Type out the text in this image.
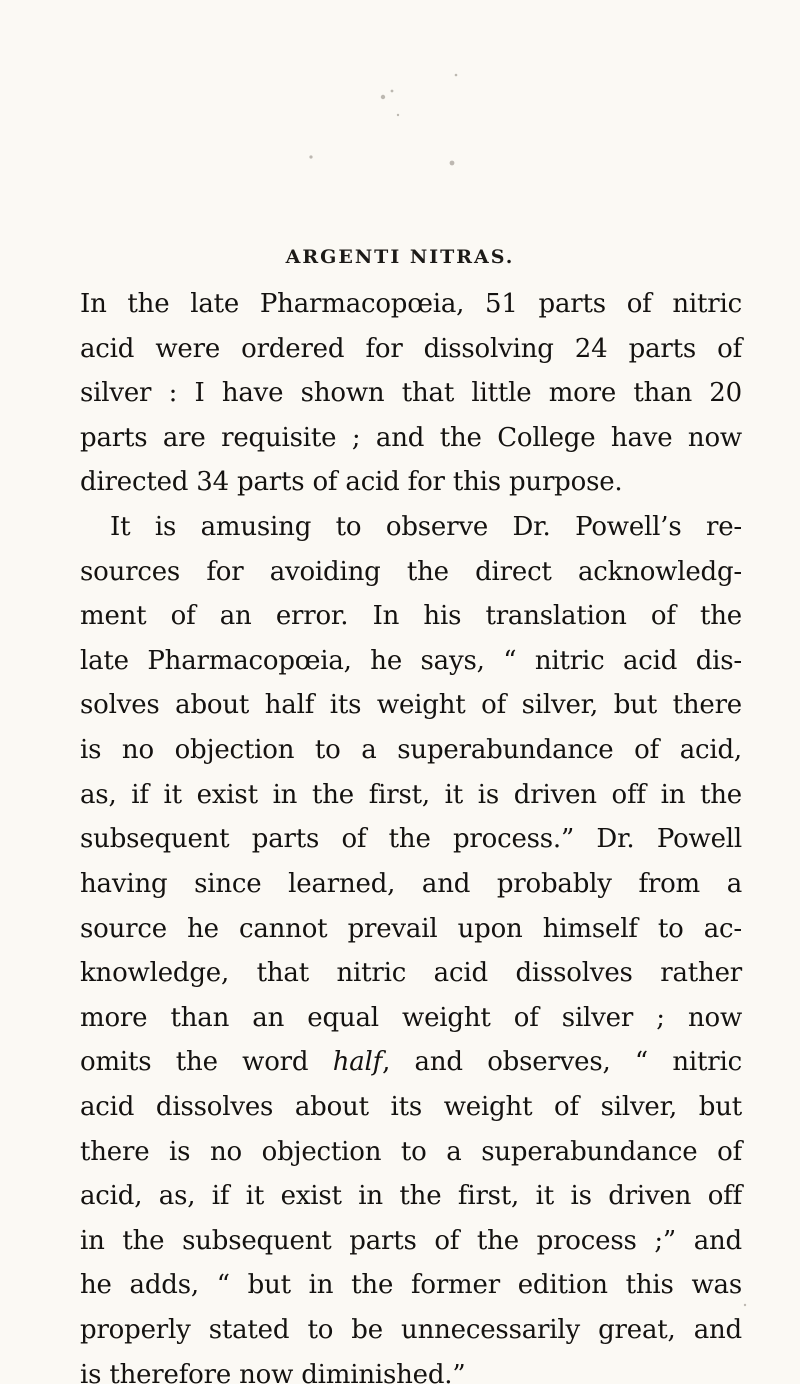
ARGENTI NITRAS.
In the late Pharmacopœia, 51 parts of nitric
acid were ordered for dissolving 24 parts of
silver : I have shown that little more than 20
parts are requisite ; and the College have now
directed 34 parts of acid for this purpose.
It is amusing to observe Dr. Powell’s re-
sources for avoiding the direct acknowledg-
ment of an error. In his translation of the
late Pharmacopœia, he says, “ nitric acid dis-
solves about half its weight of silver, but there
is no objection to a superabundance of acid,
as, if it exist in the first, it is driven off in the
subsequent parts of the process.” Dr. Powell
having since learned, and probably from a
source he cannot prevail upon himself to ac-
knowledge, that nitric acid dissolves rather
more than an equal weight of silver ; now
omits the word half, and observes, “ nitric
acid dissolves about its weight of silver, but
there is no objection to a superabundance of
acid, as, if it exist in the first, it is driven off
in the subsequent parts of the process ;” and
he adds, “ but in the former edition this was
properly stated to be unnecessarily great, and
is therefore now diminished.”
